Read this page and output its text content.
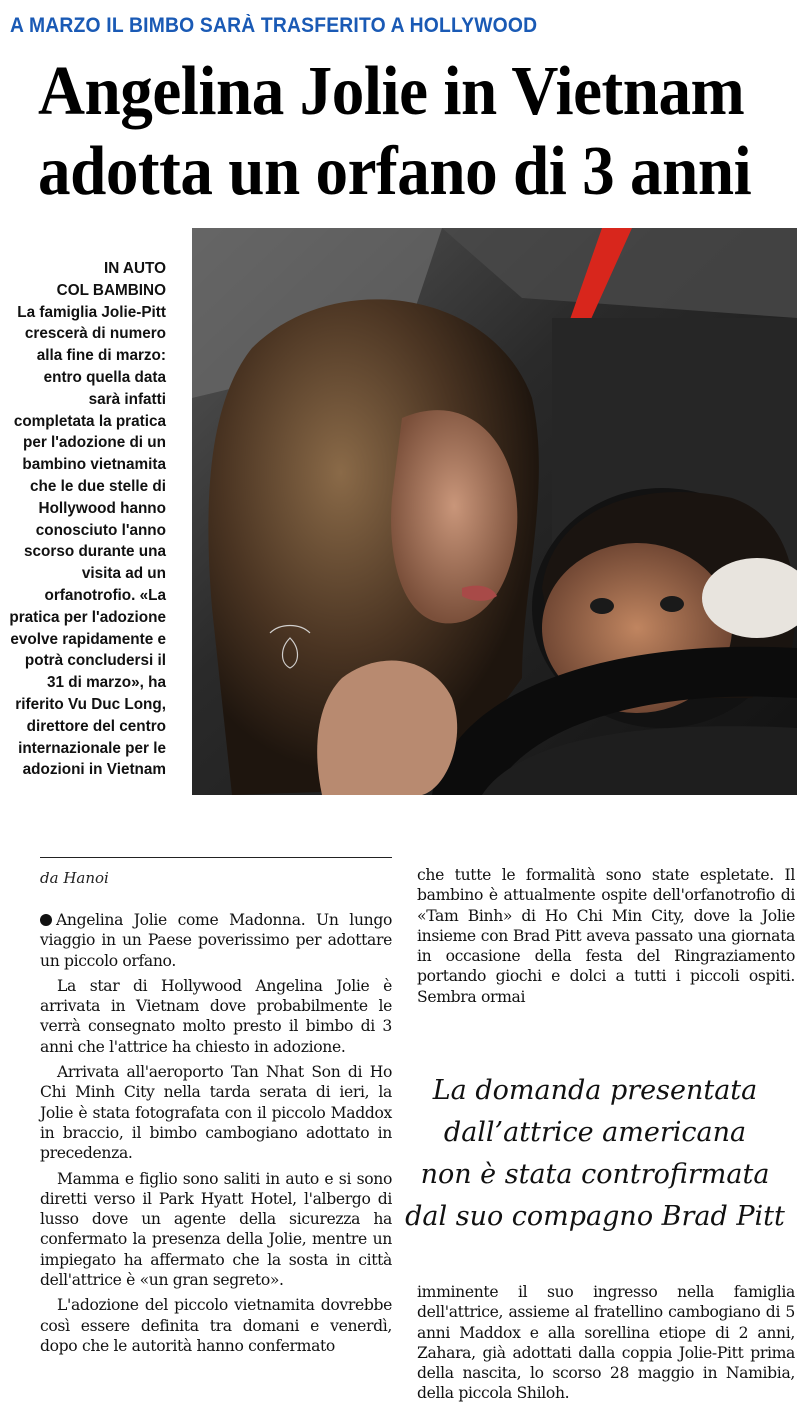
A MARZO IL BIMBO SARÀ TRASFERITO A HOLLYWOOD
Angelina Jolie in Vietnam
adotta un orfano di 3 anni
IN AUTO
COL BAMBINO
La famiglia Jolie-Pitt crescerà di numero alla fine di marzo: entro quella data sarà infatti completata la pratica per l'adozione di un bambino vietnamita che le due stelle di Hollywood hanno conosciuto l'anno scorso durante una visita ad un orfanotrofio. «La pratica per l'adozione evolve rapidamente e potrà concludersi il 31 di marzo», ha riferito Vu Duc Long, direttore del centro internazionale per le adozioni in Vietnam
da Hanoi

Angelina Jolie come Madonna. Un lungo viaggio in un Paese poverissimo per adottare un piccolo orfano.

La star di Hollywood Angelina Jolie è arrivata in Vietnam dove probabilmente le verrà consegnato molto presto il bimbo di 3 anni che l'attrice ha chiesto in adozione.

Arrivata all'aeroporto Tan Nhat Son di Ho Chi Minh City nella tarda serata di ieri, la Jolie è stata fotografata con il piccolo Maddox in braccio, il bimbo cambogiano adottato in precedenza.

Mamma e figlio sono saliti in auto e si sono diretti verso il Park Hyatt Hotel, l'albergo di lusso dove un agente della sicurezza ha confermato la presenza della Jolie, mentre un impiegato ha affermato che la sosta in città dell'attrice è «un gran segreto».

L'adozione del piccolo vietnamita dovrebbe così essere definita tra domani e venerdì, dopo che le autorità hanno confermato

che tutte le formalità sono state espletate. Il bambino è attualmente ospite dell'orfanotrofio di «Tam Binh» di Ho Chi Min City, dove la Jolie insieme con Brad Pitt aveva passato una giornata in occasione della festa del Ringraziamento portando giochi e dolci a tutti i piccoli ospiti. Sembra ormai

La domanda presentata
dall’attrice americana
non è stata controfirmata
dal suo compagno Brad Pitt

imminente il suo ingresso nella famiglia dell'attrice, assieme al fratellino cambogiano di 5 anni Maddox e alla sorellina etiope di 2 anni, Zahara, già adottati dalla coppia Jolie-Pitt prima della nascita, lo scorso 28 maggio in Namibia, della piccola Shiloh.
